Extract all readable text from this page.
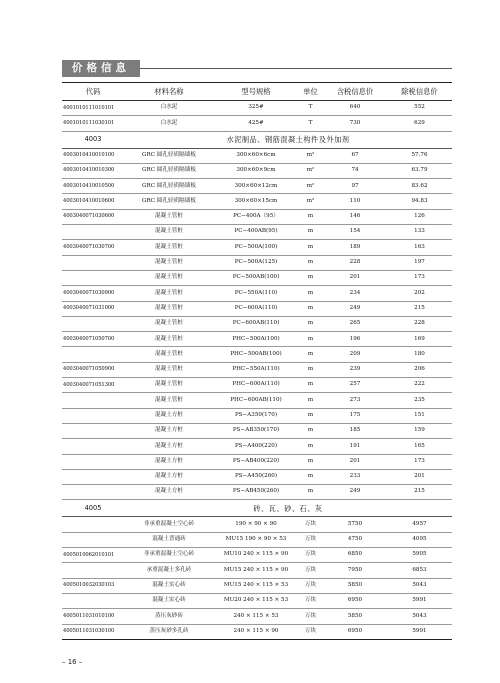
价格信息
代码	材料名称	型号规格	单位	含税信息价	除税信息价
4001010111010101	白水泥	325#	T	640	552
4001010111030101	白水泥	425#	T	730	629
4003	水泥制品、钢筋混凝土构件及外加剂				
4003010410010100	GRC 圆孔轻质隔墙板	300×60×6cm	m²	67	57.76
4003010410010300	GRC 圆孔轻质隔墙板	300×60×9cm	m²	74	63.79
4003010410010500	GRC 圆孔轻质隔墙板	300×60×12cm	m²	97	83.62
4003010410010600	GRC 圆孔轻质隔墙板	300×60×15cm	m²	110	94.83
4003040071030600	混凝土管桩	PC−400A（95）	m	146	126
	混凝土管桩	PC−400AB(95)	m	154	133
4003040071030700	混凝土管桩	PC−500A(100)	m	189	163
	混凝土管桩	PC−500A(125)	m	228	197
	混凝土管桩	PC−500AB(100)	m	201	173
4003040071030900	混凝土管桩	PC−550A(110)	m	234	202
4003040071031000	混凝土管桩	PC−600A(110)	m	249	215
	混凝土管桩	PC−600AB(110)	m	265	228
4003040071050700	混凝土管桩	PHC−500A(100)	m	196	169
	混凝土管桩	PHC−500AB(100)	m	209	180
4003040071050900	混凝土管桩	PHC−550A(110)	m	239	206
4003040071051300	混凝土管桩	PHC−600A(110)	m	257	222
	混凝土管桩	PHC−600AB(110)	m	273	235
	混凝土方桩	PS−A350(170)	m	175	151
	混凝土方桩	PS−AB350(170)	m	185	159
	混凝土方桩	PS−A400(220)	m	191	165
	混凝土方桩	PS−AB400(220)	m	201	173
	混凝土方桩	PS−A450(260)	m	233	201
	混凝土方桩	PS−AB450(260)	m	249	215
4005	砖、瓦、砂、石、灰				
	非承重混凝土空心砖	190 × 90 × 90	万块	5750	4957
	混凝土普通砖	MU15 190 × 90 × 53	万块	4750	4095
4005010062010101	非承重混凝土空心砖	MU10 240 × 115 × 90	万块	6850	5905
	承重混凝土多孔砖	MU15 240 × 115 × 90	万块	7950	6853
4005010032030103	混凝土实心砖	MU15 240 × 115 × 53	万块	5850	5043
	混凝土实心砖	MU20 240 × 115 × 53	万块	6950	5991
4005011031010100	蒸压灰砂砖	240 × 115 × 53	万块	5850	5043
4005011031030100	蒸压灰砂多孔砖	240 × 115 × 90	万块	6950	5991
– 16 –
